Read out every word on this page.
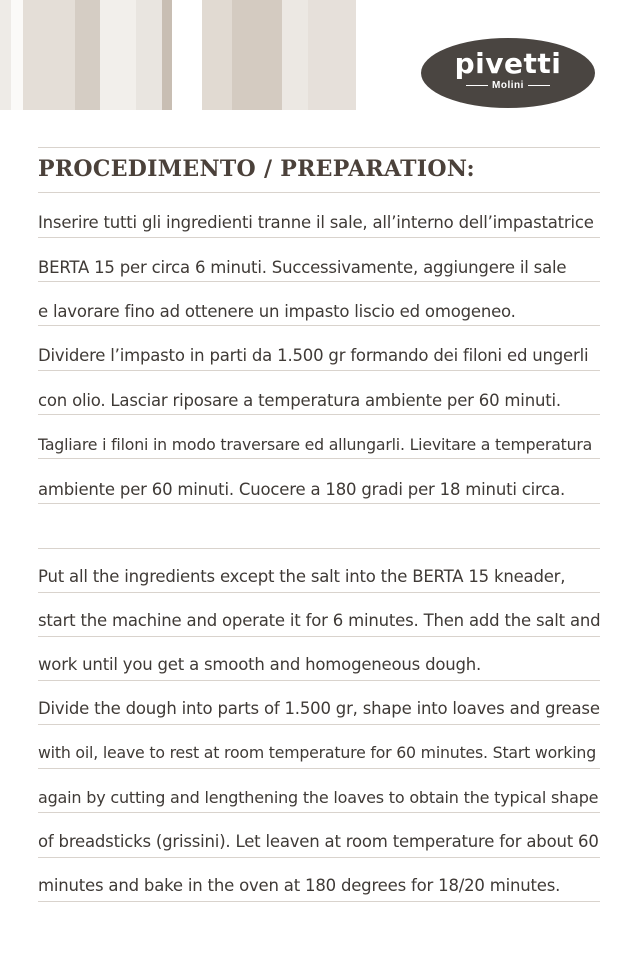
pivetti
Molini
PROCEDIMENTO / PREPARATION:
Inserire tutti gli ingredienti tranne il sale, all’interno dell’impastatrice
BERTA 15 per circa 6 minuti. Successivamente, aggiungere il sale
e lavorare fino ad ottenere un impasto liscio ed omogeneo.
Dividere l’impasto in parti da 1.500 gr formando dei filoni ed ungerli
con olio. Lasciar riposare a temperatura ambiente per 60 minuti.
Tagliare i filoni in modo traversare ed allungarli. Lievitare a temperatura
ambiente per 60 minuti. Cuocere a 180 gradi per 18 minuti circa.
Put all the ingredients except the salt into the BERTA 15 kneader,
start the machine and operate it for 6 minutes. Then add the salt and
work until you get a smooth and homogeneous dough.
Divide the dough into parts of 1.500 gr, shape into loaves and grease
with oil, leave to rest at room temperature for 60 minutes. Start working
again by cutting and lengthening the loaves to obtain the typical shape
of breadsticks (grissini). Let leaven at room temperature for about 60
minutes and bake in the oven at 180 degrees for 18/20 minutes.
